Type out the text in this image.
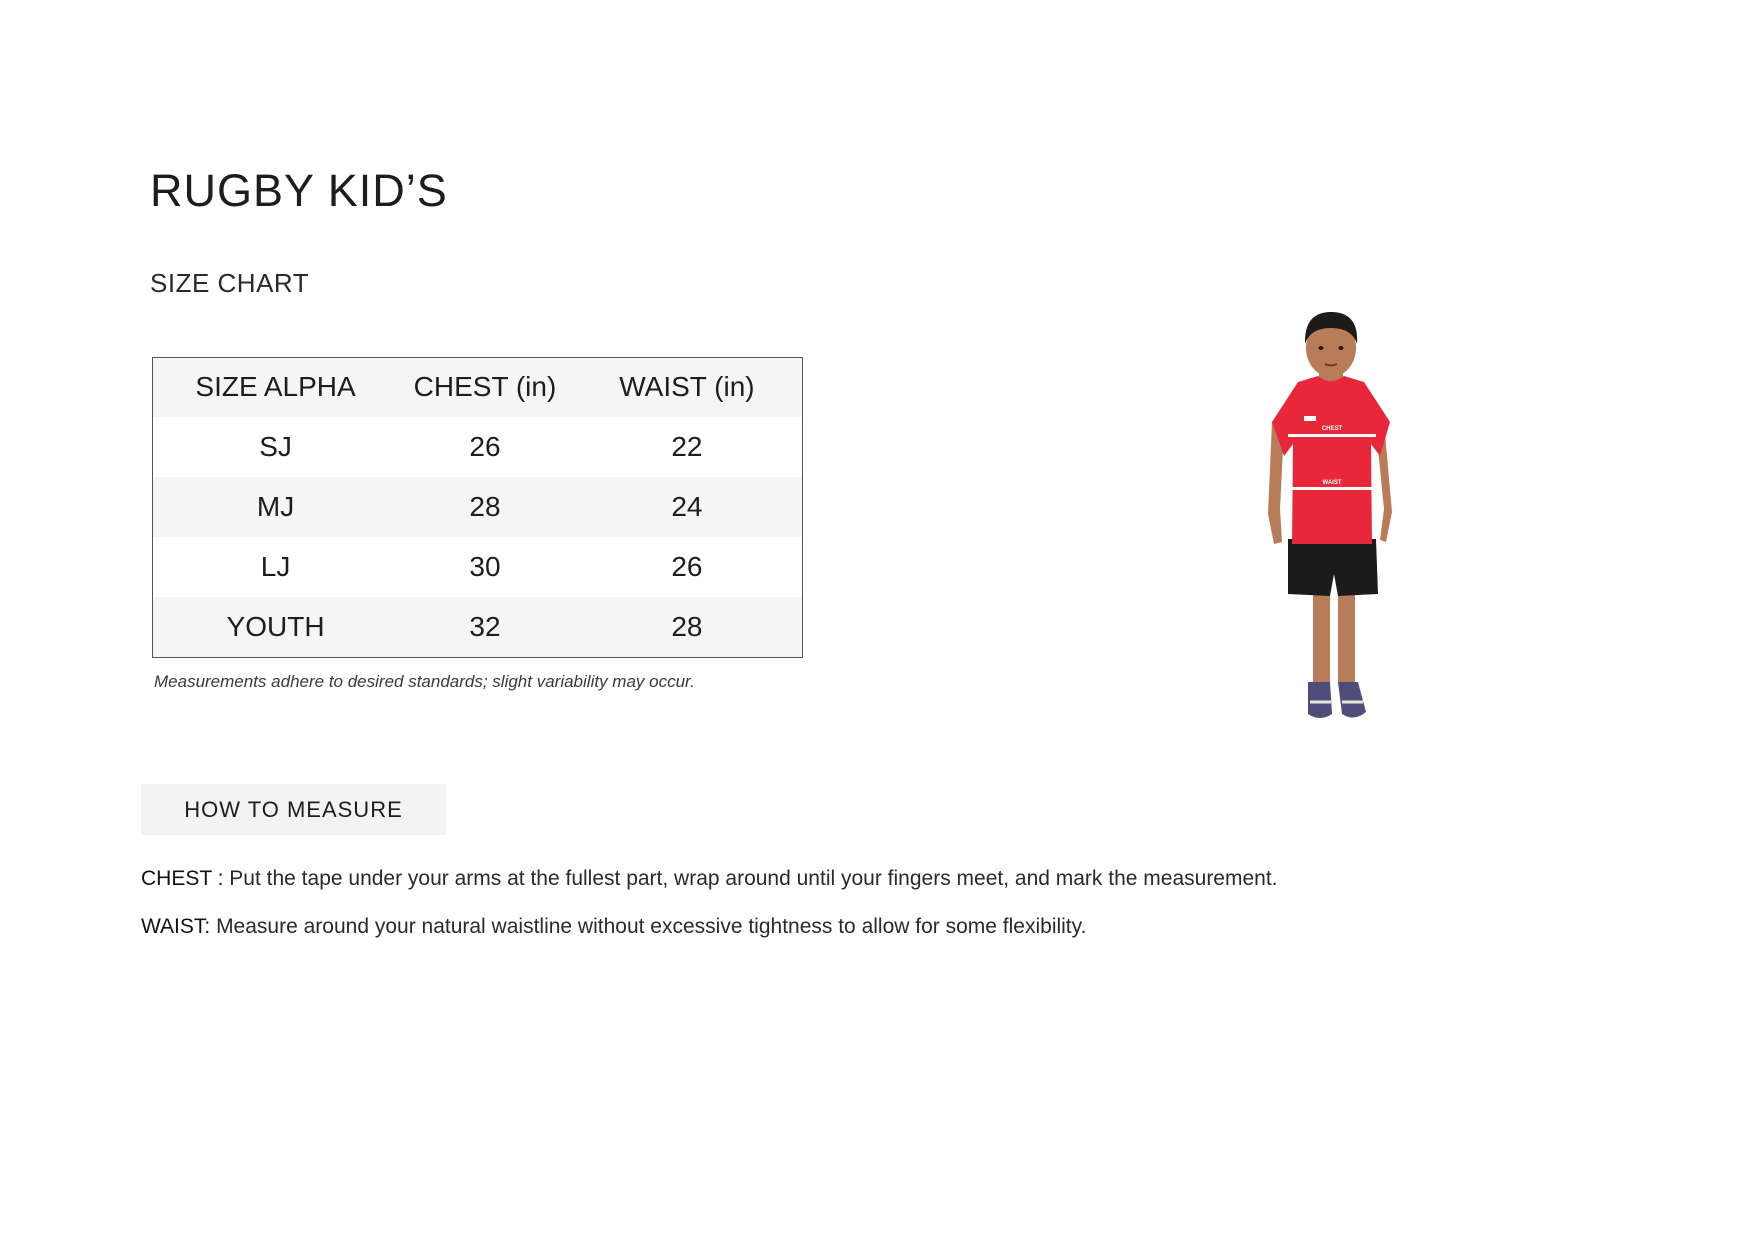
RUGBY KID’S
SIZE CHART
SIZE ALPHA	CHEST (in)	WAIST (in)
SJ	26	22
MJ	28	24
LJ	30	26
YOUTH	32	28

Measurements adhere to desired standards; slight variability may occur.

CHEST
WAIST
HOW TO MEASURE

CHEST : Put the tape under your arms at the fullest part, wrap around until your fingers meet, and mark the measurement.

WAIST: Measure around your natural waistline without excessive tightness to allow for some flexibility.
